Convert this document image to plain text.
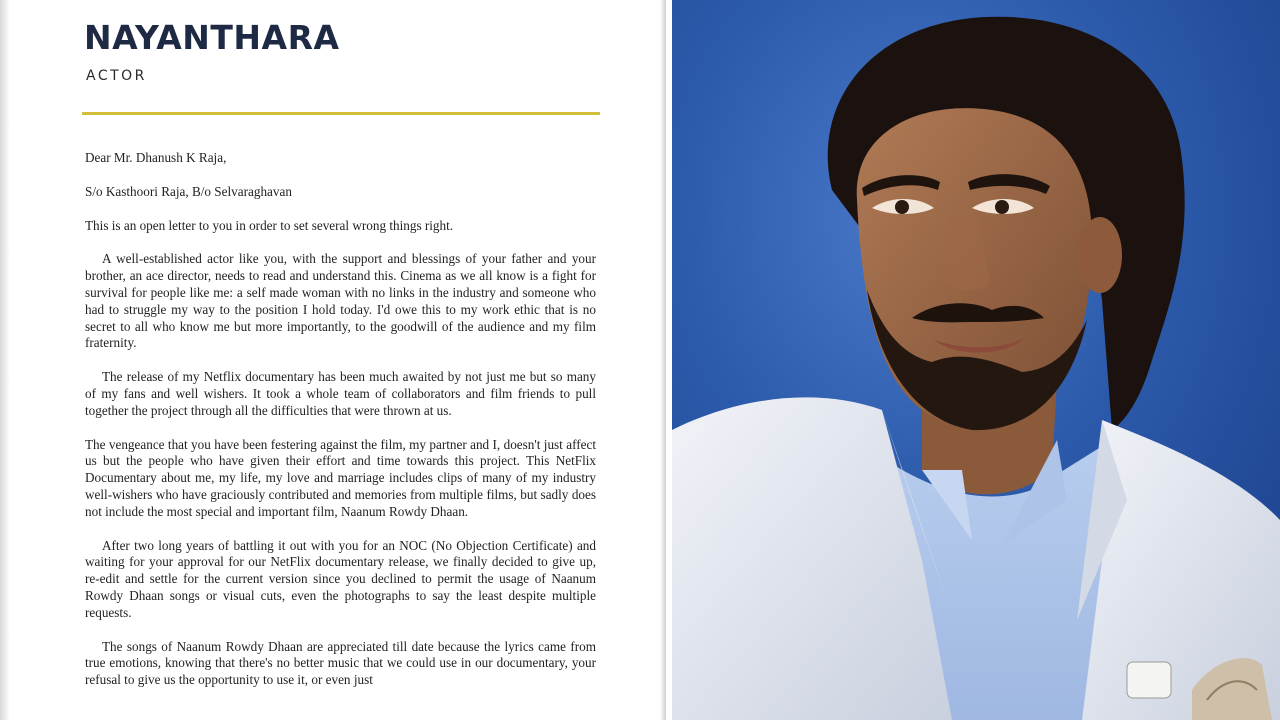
NAYANTHARA
ACTOR

Dear Mr. Dhanush K Raja,

S/o Kasthoori Raja, B/o Selvaraghavan

This is an open letter to you in order to set several wrong things right.

A well-established actor like you, with the support and blessings of your father and your brother, an ace director, needs to read and understand this. Cinema as we all know is a fight for survival for people like me: a self made woman with no links in the industry and someone who had to struggle my way to the position I hold today. I'd owe this to my work ethic that is no secret to all who know me but more importantly, to the goodwill of the audience and my film fraternity.

The release of my Netflix documentary has been much awaited by not just me but so many of my fans and well wishers. It took a whole team of collaborators and film friends to pull together the project through all the difficulties that were thrown at us.

The vengeance that you have been festering against the film, my partner and I, doesn't just affect us but the people who have given their effort and time towards this project. This NetFlix Documentary about me, my life, my love and marriage includes clips of many of my industry well-wishers who have graciously contributed and memories from multiple films, but sadly does not include the most special and important film, Naanum Rowdy Dhaan.

After two long years of battling it out with you for an NOC (No Objection Certificate) and waiting for your approval for our NetFlix documentary release, we finally decided to give up, re-edit and settle for the current version since you declined to permit the usage of Naanum Rowdy Dhaan songs or visual cuts, even the photographs to say the least despite multiple requests.

The songs of Naanum Rowdy Dhaan are appreciated till date because the lyrics came from true emotions, knowing that there's no better music that we could use in our documentary, your refusal to give us the opportunity to use it, or even just
